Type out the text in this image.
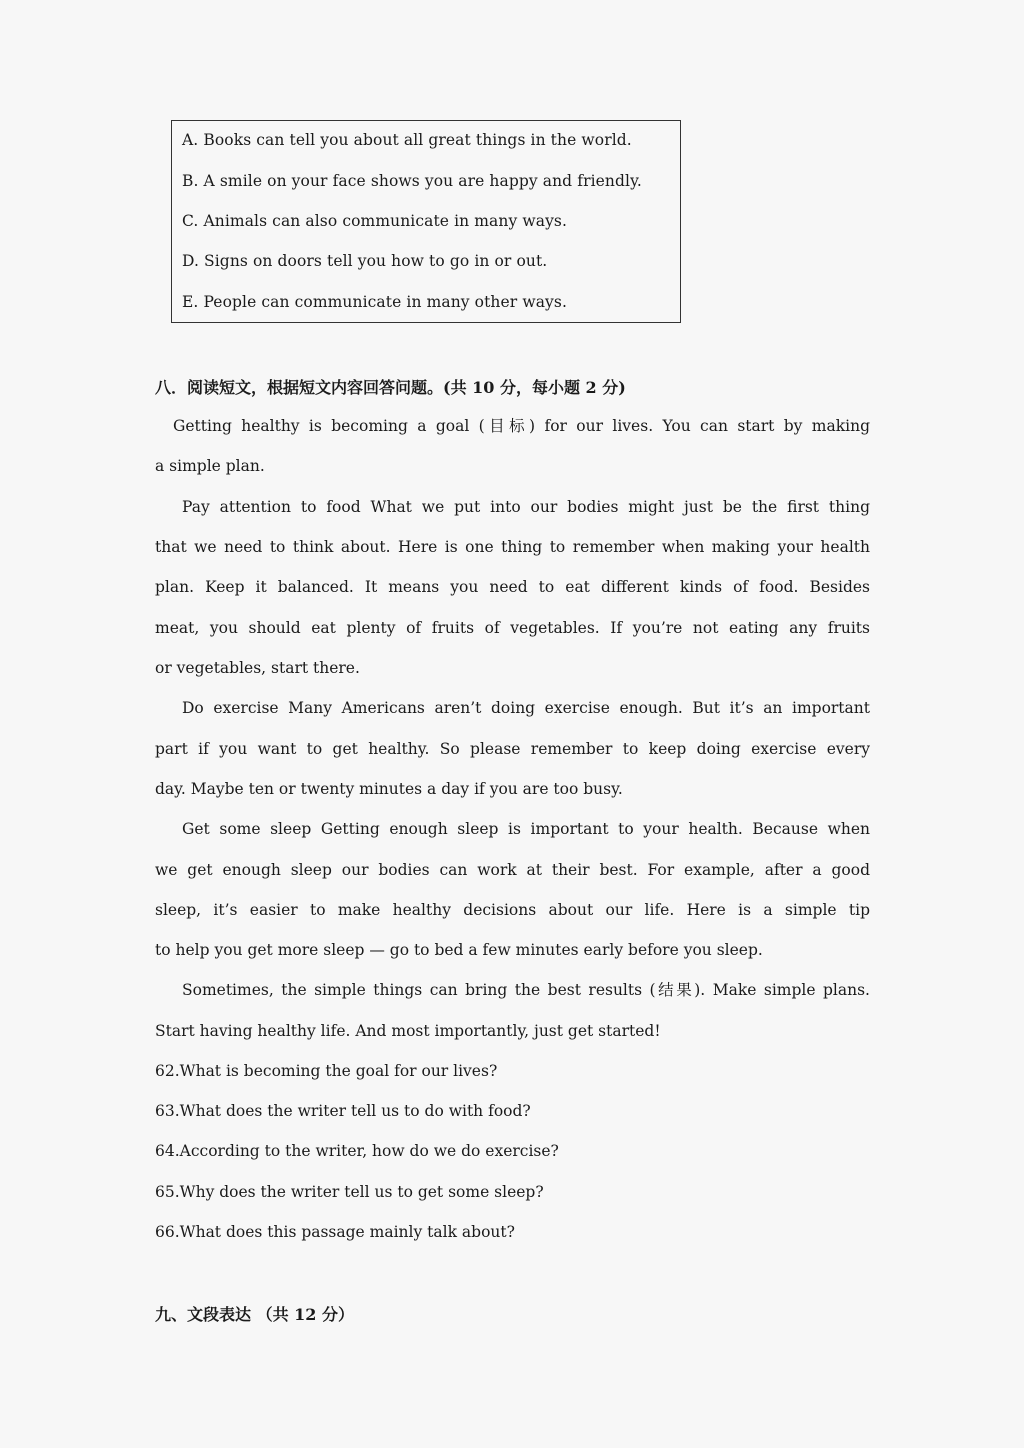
A. Books can tell you about all great things in the world.
B. A smile on your face shows you are happy and friendly.
C. Animals can also communicate in many ways.
D. Signs on doors tell you how to go in or out.
E. People can communicate in many other ways.
八．阅读短文，根据短文内容回答问题。(共 10 分，每小题 2 分)
Getting healthy is becoming a goal (目标) for our lives. You can start by making
a simple plan.
Pay attention to food What we put into our bodies might just be the first thing
that we need to think about. Here is one thing to remember when making your health
plan. Keep it balanced. It means you need to eat different kinds of food. Besides
meat, you should eat plenty of fruits of vegetables. If you’re not eating any fruits
or vegetables, start there.
Do exercise Many Americans aren’t doing exercise enough. But it’s an important
part if you want to get healthy. So please remember to keep doing exercise every
day. Maybe ten or twenty minutes a day if you are too busy.
Get some sleep Getting enough sleep is important to your health. Because when
we get enough sleep our bodies can work at their best. For example, after a good
sleep, it’s easier to make healthy decisions about our life. Here is a simple tip
to help you get more sleep — go to bed a few minutes early before you sleep.
Sometimes, the simple things can bring the best results (结果). Make simple plans.
Start having healthy life. And most importantly, just get started!
62.What is becoming the goal for our lives?
63.What does the writer tell us to do with food?
64.According to the writer, how do we do exercise?
65.Why does the writer tell us to get some sleep?
66.What does this passage mainly talk about?
九、文段表达 （共 12 分）
